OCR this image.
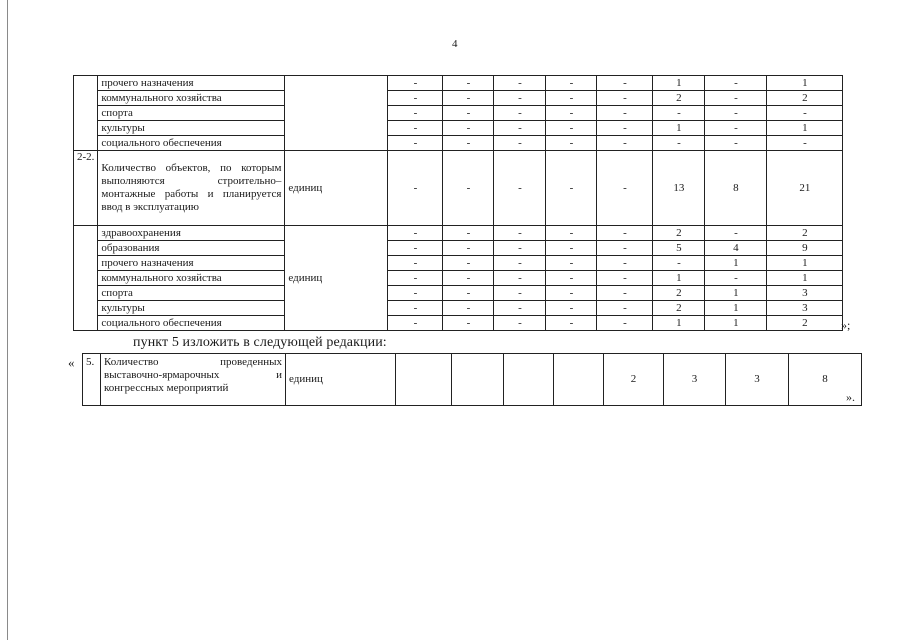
4
	прочего назначения		-	-	-	-	-	1	-	1
	коммунального хозяйства		-	-	-	-	-	2	-	2
	спорта		-	-	-	-	-	-	-	-
	культуры		-	-	-	-	-	1	-	1
	социального обеспечения		-	-	-	-	-	-	-	-
2-2.	Количество объектов, по которым выполняются строительно–монтажные работы и планируется ввод в эксплуатацию	единиц	-	-	-	-	-	13	8	21
	здравоохранения	единиц	-	-	-	-	-	2	-	2
	образования		-	-	-	-	-	5	4	9
	прочего назначения		-	-	-	-	-	-	1	1
	коммунального хозяйства		-	-	-	-	-	1	-	1
	спорта		-	-	-	-	-	2	1	3
	культуры		-	-	-	-	-	2	1	3
	социального обеспечения		-	-	-	-	-	1	1	2	»;
пункт 5 изложить в следующей редакции:
« 5.	Количество проведенных выставочно-ярмарочных и конгрессных мероприятий	единиц					2	3	3	8
».
